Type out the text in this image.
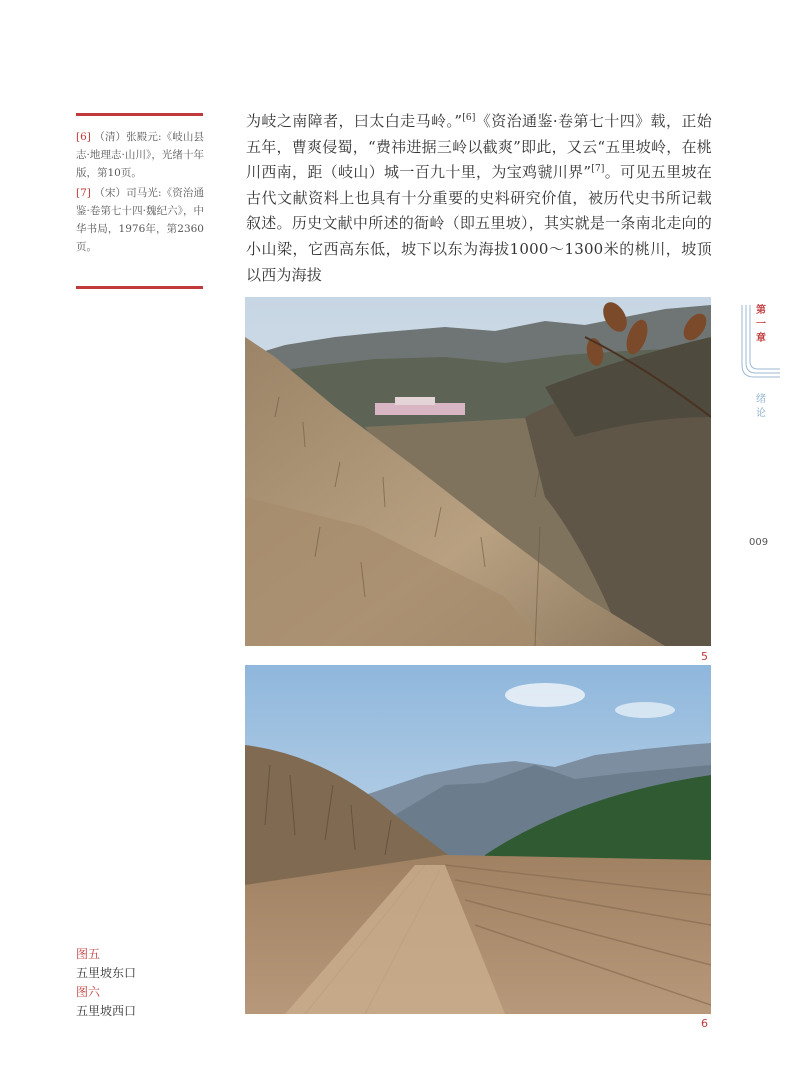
[6] （清）张殿元:《岐山县志·地理志·山川》，光绪十年版，第10页。
[7] （宋）司马光:《资治通鉴·卷第七十四·魏纪六》，中华书局，1976年，第2360页。
为岐之南障者，曰太白走马岭。”[6]《资治通鉴·卷第七十四》载，正始五年，曹爽侵蜀，“费祎进据三岭以截爽”即此，又云“五里坡岭，在桃川西南，距（岐山）城一百九十里，为宝鸡虢川界”[7]。可见五里坡在古代文献资料上也具有十分重要的史料研究价值，被历代史书所记载叙述。历史文献中所述的衙岭（即五里坡），其实就是一条南北走向的小山梁，它西高东低，坡下以东为海拔1000～1300米的桃川，坡顶以西为海拔
5
6
图五
五里坡东口
图六
五里坡西口
第一章
绪论
009
